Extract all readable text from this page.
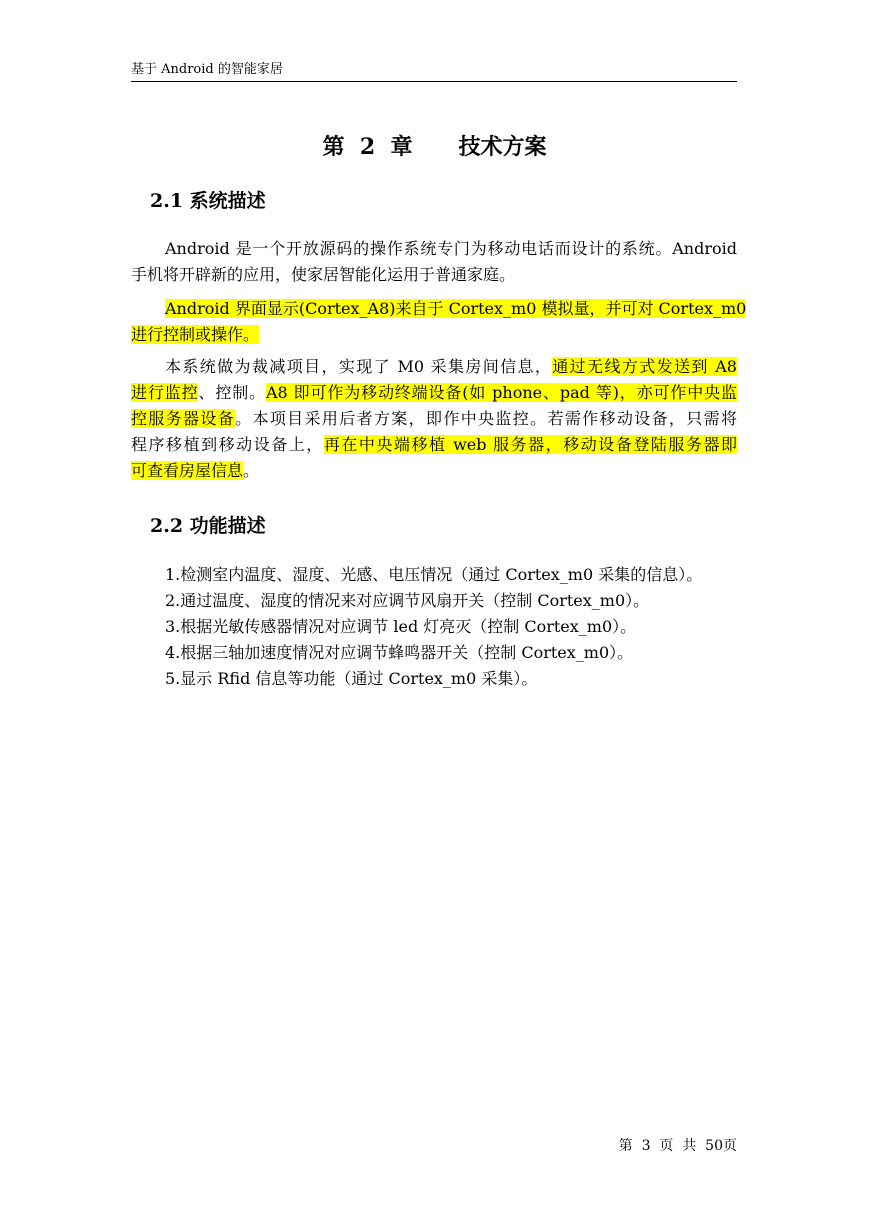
基于 Android 的智能家居
第  2  章      技术方案
2.1 系统描述
Android 是一个开放源码的操作系统专门为移动电话而设计的系统。Android
手机将开辟新的应用，使家居智能化运用于普通家庭。
Android 界面显示(Cortex_A8)来自于 Cortex_m0 模拟量，并可对 Cortex_m0
进行控制或操作。
本系统做为裁减项目，实现了 M0 采集房间信息，通过无线方式发送到 A8
进行监控、控制。A8 即可作为移动终端设备(如 phone、pad 等)，亦可作中央监
控服务器设备。本项目采用后者方案，即作中央监控。若需作移动设备，只需将
程序移植到移动设备上，再在中央端移植 web 服务器，移动设备登陆服务器即
可查看房屋信息。
2.2 功能描述
1.检测室内温度、湿度、光感、电压情况（通过 Cortex_m0 采集的信息）。
2.通过温度、湿度的情况来对应调节风扇开关（控制 Cortex_m0）。
3.根据光敏传感器情况对应调节 led 灯亮灭（控制 Cortex_m0）。
4.根据三轴加速度情况对应调节蜂鸣器开关（控制 Cortex_m0）。
5.显示 Rfid 信息等功能（通过 Cortex_m0 采集）。
第  3  页  共  50页
